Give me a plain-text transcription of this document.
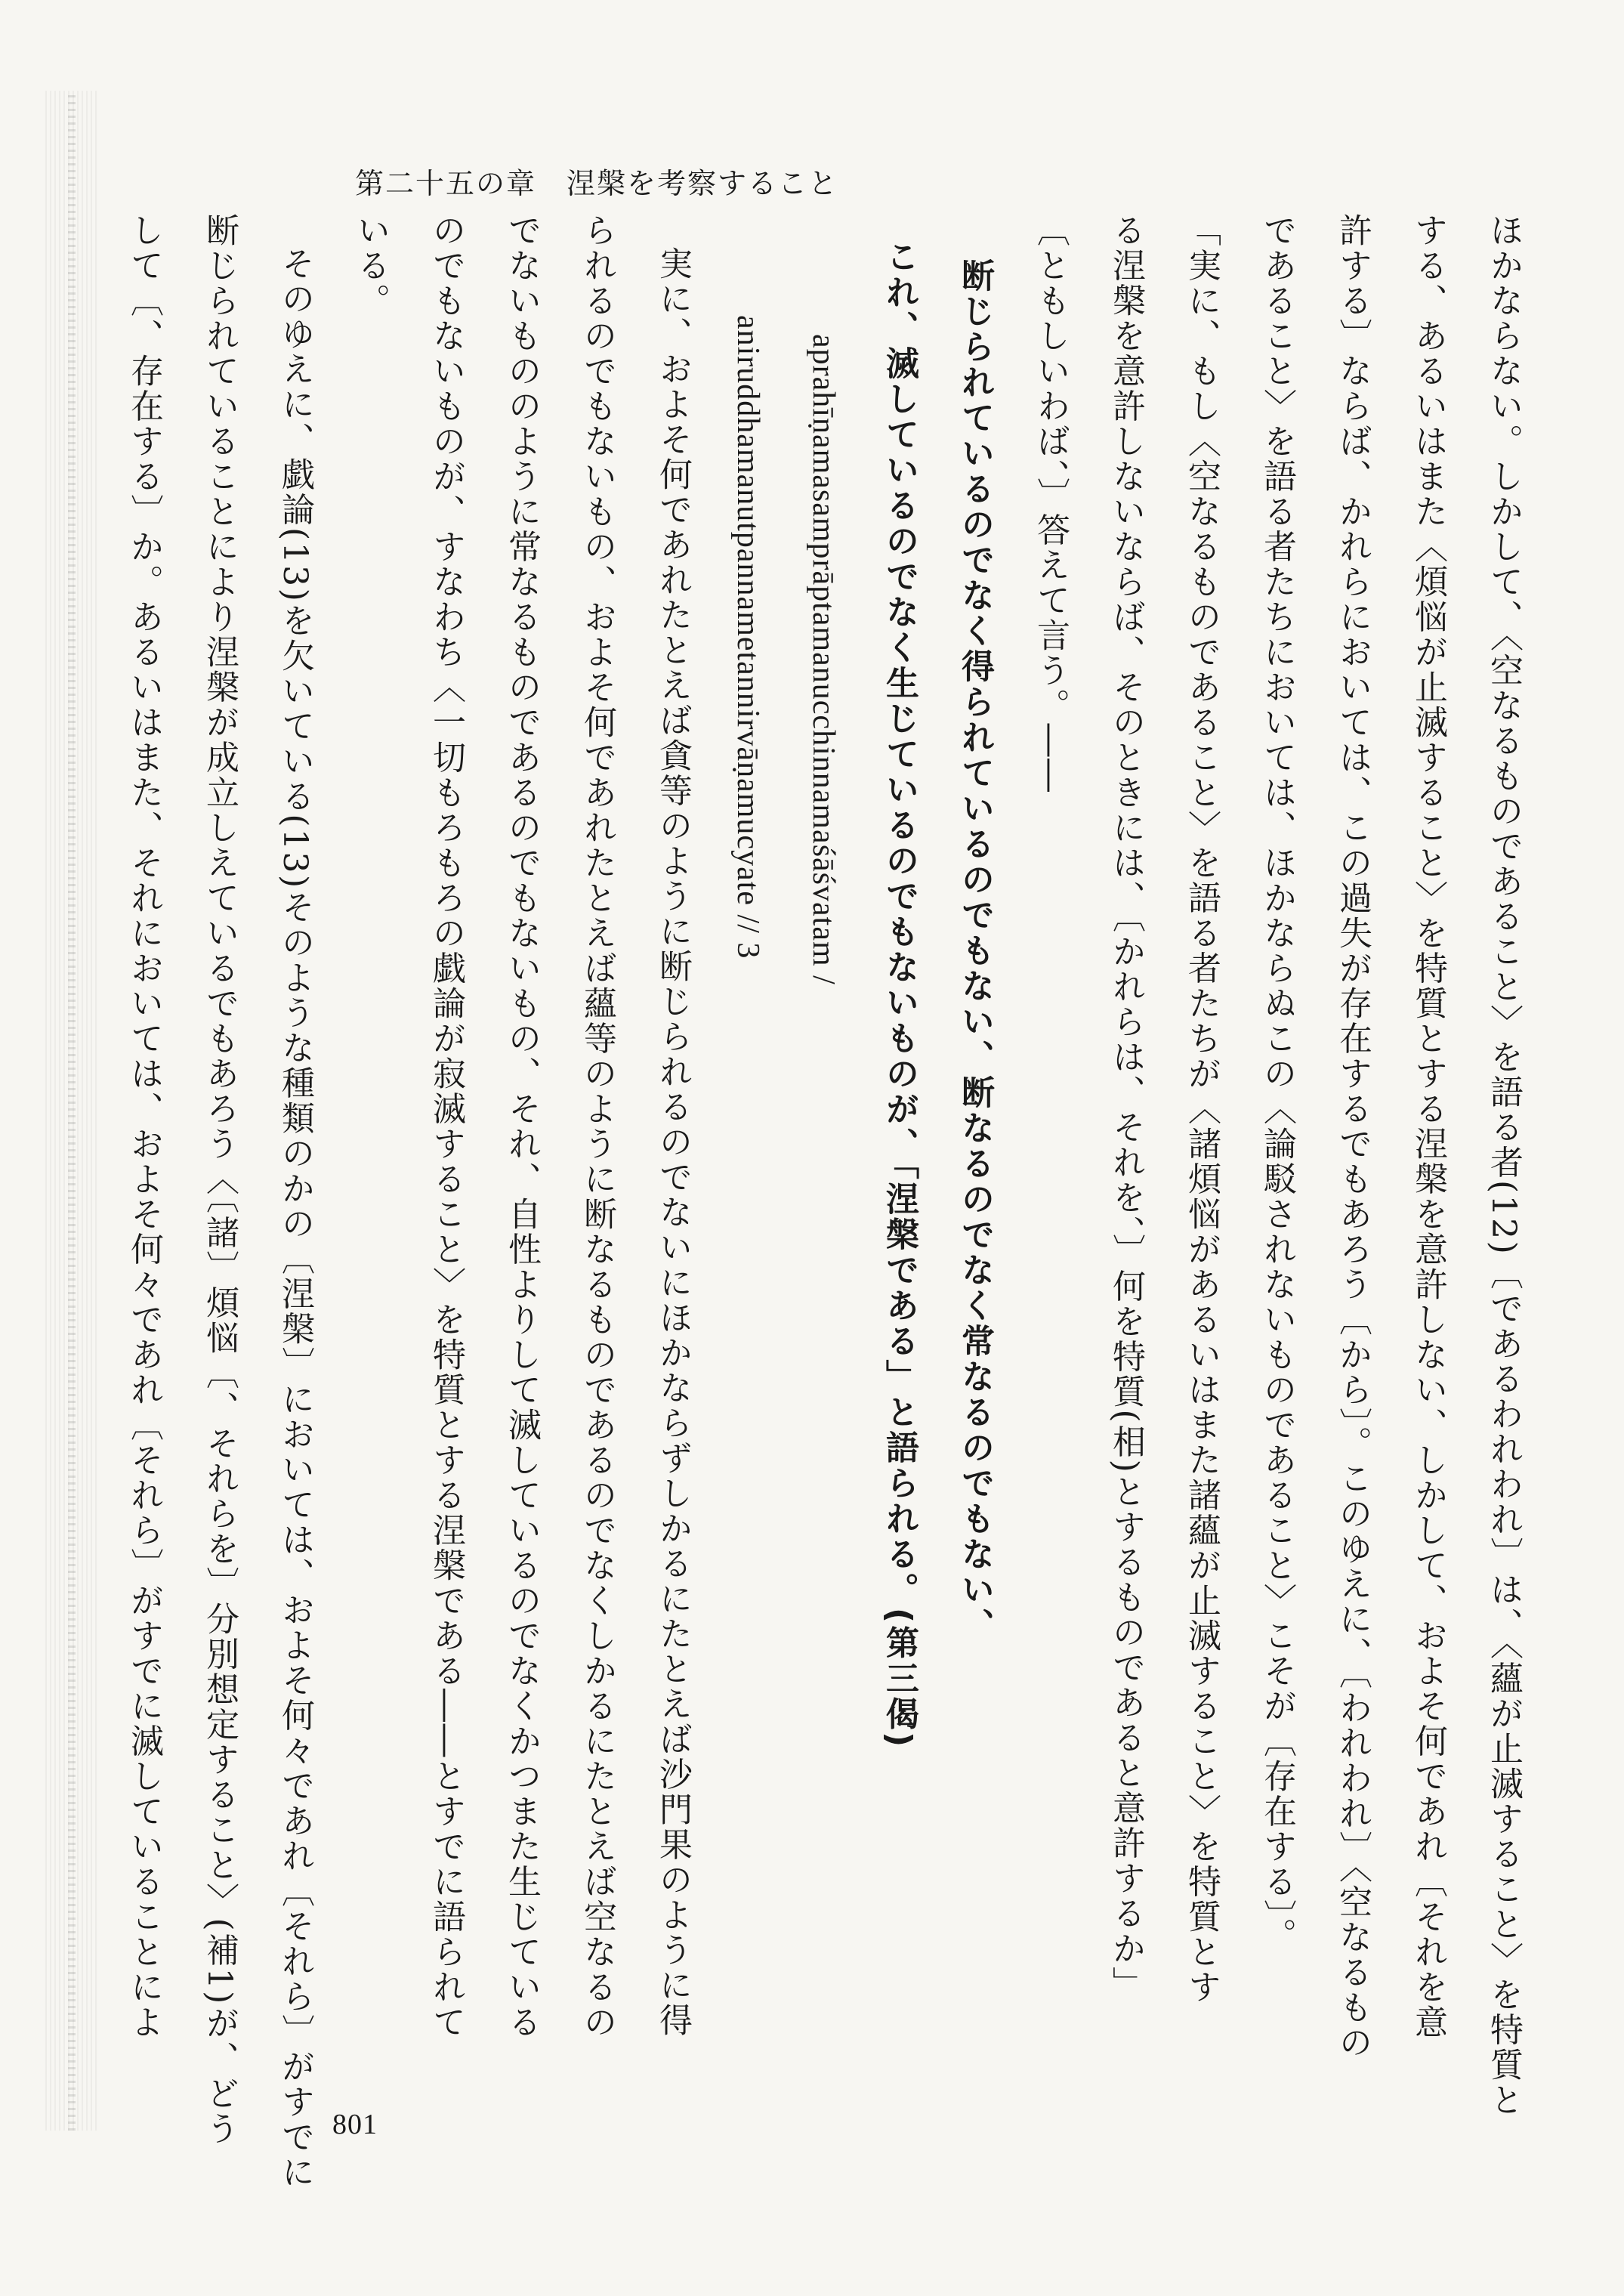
第二十五の章　涅槃を考察すること
ほかならない。しかして、〈空なるものであること〉を語る者(12)〔であるわれわれ〕は、〈蘊が止滅すること〉を特質と
する、あるいはまた〈煩悩が止滅すること〉を特質とする涅槃を意許しない、しかして、およそ何であれ〔それを意
許する〕ならば、かれらにおいては、この過失が存在するでもあろう〔から〕。このゆえに、〔われわれ〕〈空なるもの
であること〉を語る者たちにおいては、ほかならぬこの〈論駁されないものであること〉こそが〔存在する〕。
「実に、もし〈空なるものであること〉を語る者たちが〈諸煩悩があるいはまた諸蘊が止滅すること〉を特質とす
る涅槃を意許しないならば、そのときには、〔かれらは、それを、〕何を特質(相)とするものであると意許するか」
〔ともしいわば、〕答えて言う。――
断じられているのでなく得られているのでもない、断なるのでなく常なるのでもない、
これ、滅しているのでなく生じているのでもないものが、「涅槃である」と語られる。(第三偈)
aprahīṇamasamprāptamanucchinnamaśāśvatam /
aniruddhamanutpannametannirvāṇamucyate // 3
実に、およそ何であれたとえば貪等のように断じられるのでないにほかならずしかるにたとえば沙門果のように得
られるのでもないもの、およそ何であれたとえば蘊等のように断なるものであるのでなくしかるにたとえば空なるの
でないもののように常なるものであるのでもないもの、それ、自性よりして滅しているのでなくかつまた生じている
のでもないものが、すなわち〈一切もろもろの戯論が寂滅すること〉を特質とする涅槃である――とすでに語られて
いる。
そのゆえに、戯論(13)を欠いている(13)そのような種類のかの〔涅槃〕においては、およそ何々であれ〔それら〕がすでに
断じられていることにより涅槃が成立しえているでもあろう〈〔諸〕煩悩〔、それらを〕分別想定すること〉(補1)が、どう
して〔、存在する〕か。あるいはまた、それにおいては、およそ何々であれ〔それら〕がすでに滅していることによ
801
